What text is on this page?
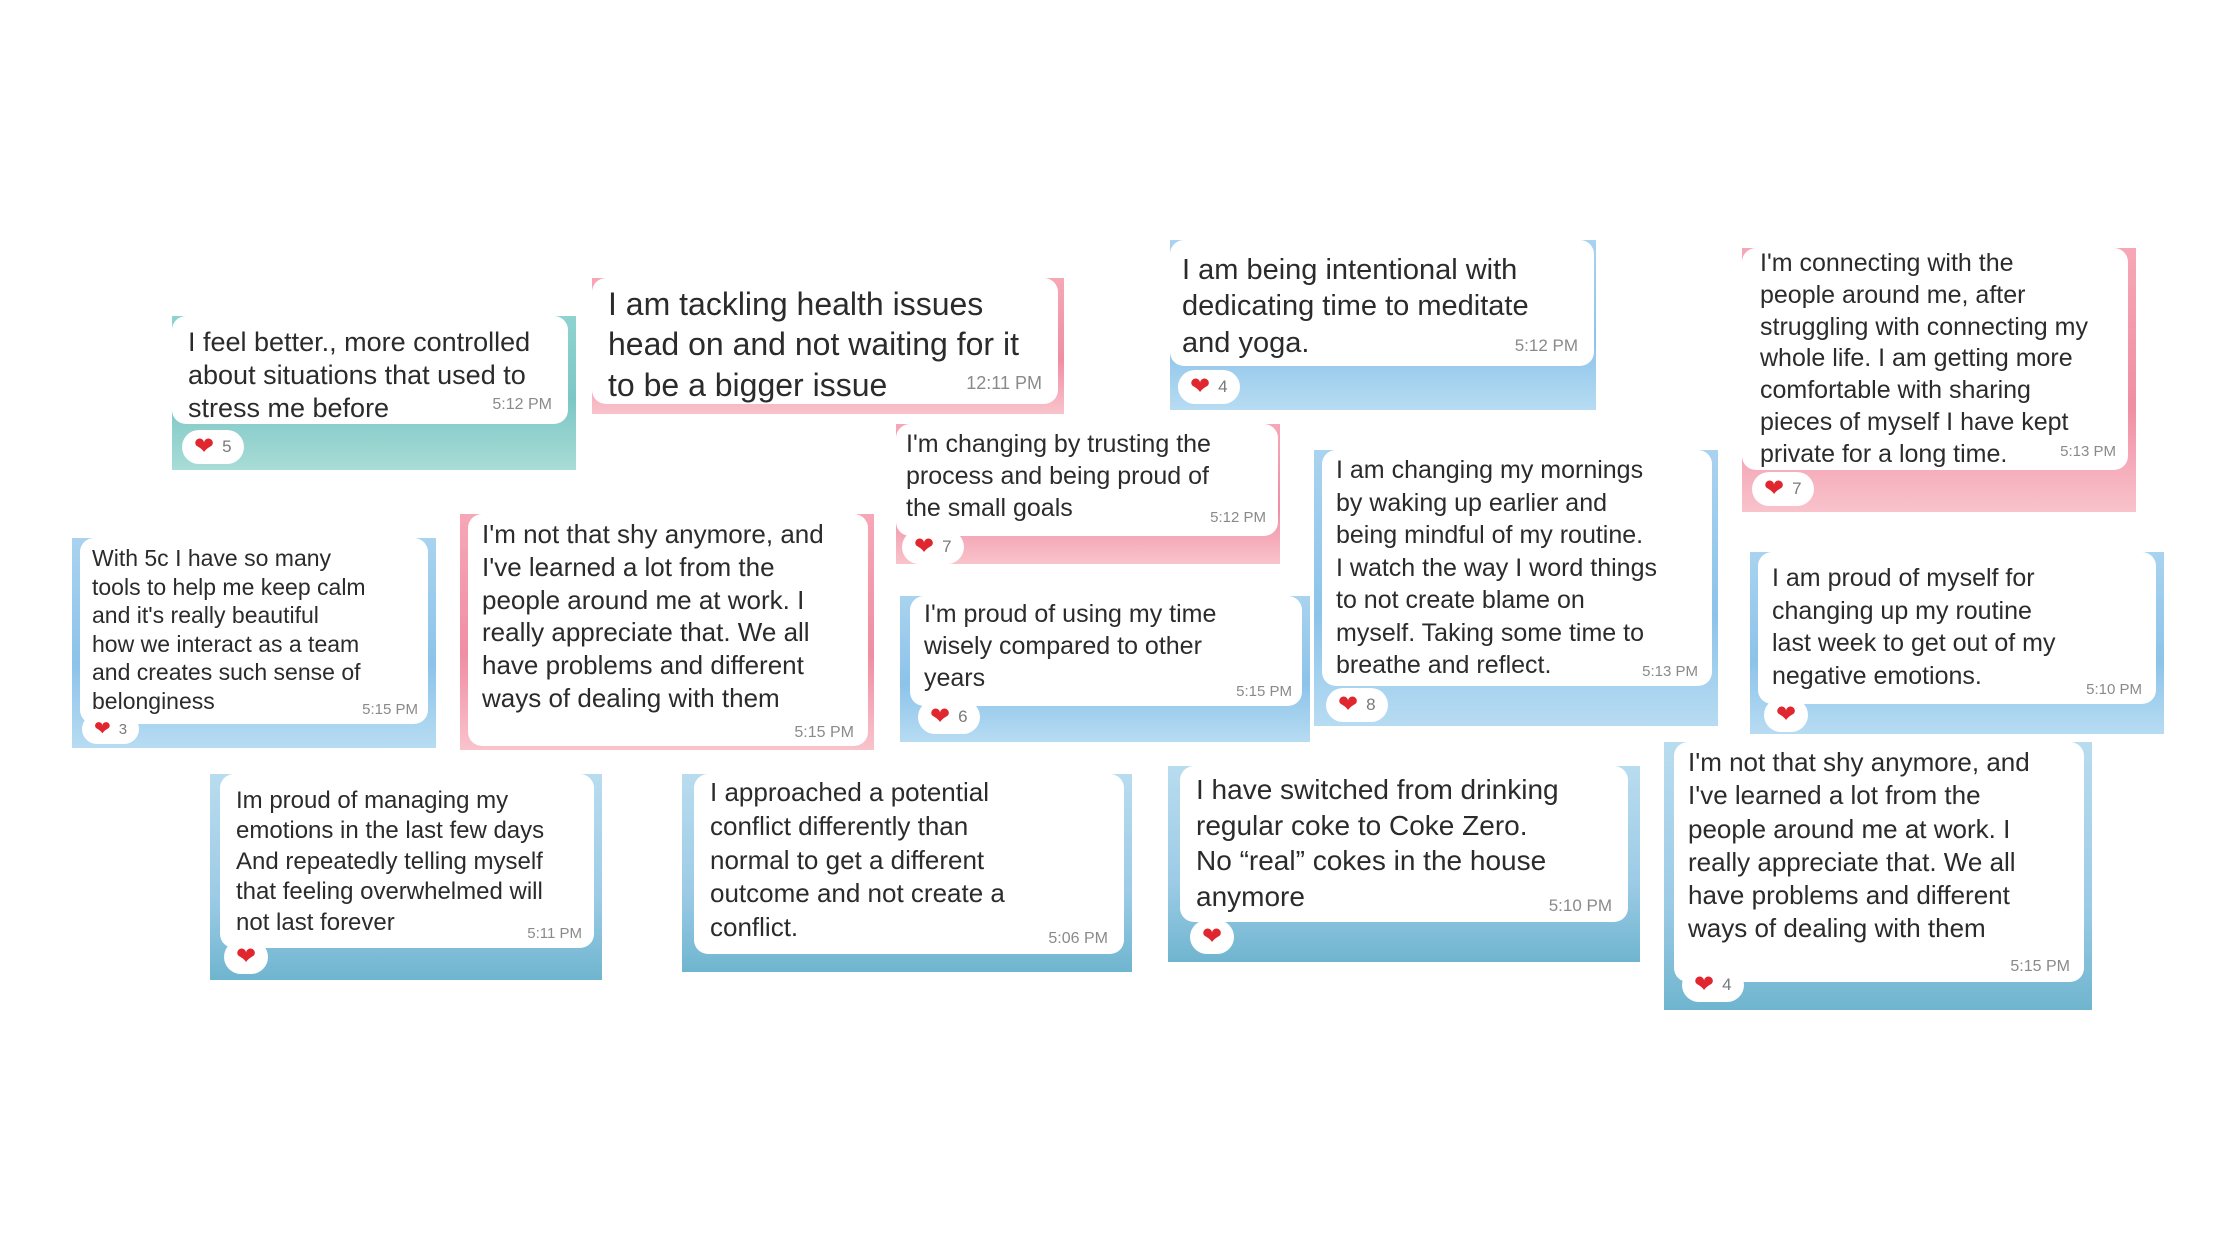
I feel better., more controlled
about situations that used to
stress me before	5:12 PM
❤ 5

I am tackling health issues
head on and not waiting for it
to be a bigger issue	12:11 PM

I am being intentional with
dedicating time to meditate
and yoga.	5:12 PM
❤ 4

I'm connecting with the
people around me, after
struggling with connecting my
whole life. I am getting more
comfortable with sharing
pieces of myself I have kept
private for a long time.	5:13 PM
❤ 7

I'm changing by trusting the
process and being proud of
the small goals	5:12 PM
❤ 7

With 5c I have so many
tools to help me keep calm
and it's really beautiful
how we interact as a team
and creates such sense of
belonginess	5:15 PM
❤ 3

I'm not that shy anymore, and
I've learned a lot from the
people around me at work. I
really appreciate that. We all
have problems and different
ways of dealing with them

5:15 PM

I'm proud of using my time
wisely compared to other
years	5:15 PM
❤ 6

I am changing my mornings
by waking up earlier and
being mindful of my routine.
I watch the way I word things
to not create blame on
myself. Taking some time to
breathe and reflect.	5:13 PM
❤ 8

I am proud of myself for
changing up my routine
last week to get out of my
negative emotions.	5:10 PM
❤

Im proud of managing my
emotions in the last few days
And repeatedly telling myself
that feeling overwhelmed will
not last forever	5:11 PM
❤

I approached a potential
conflict differently than
normal to get a different
outcome and not create a
conflict.	5:06 PM

I have switched from drinking
regular coke to Coke Zero.
No “real” cokes in the house
anymore	5:10 PM
❤

I'm not that shy anymore, and
I've learned a lot from the
people around me at work. I
really appreciate that. We all
have problems and different
ways of dealing with them

5:15 PM
❤ 4
